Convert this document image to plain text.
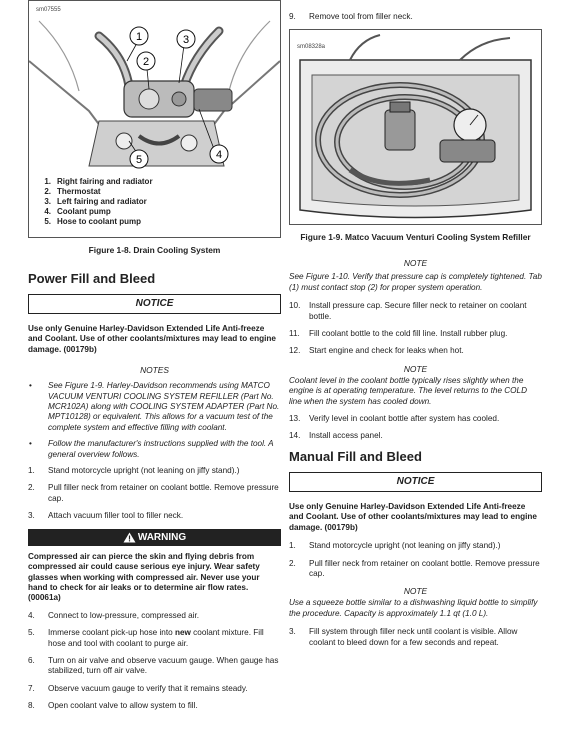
sm07555
1	3
2
4
5
1. Right fairing and radiator
2. Thermostat
3. Left fairing and radiator
4. Coolant pump
5. Hose to coolant pump
Figure 1-8. Drain Cooling System
Power Fill and Bleed
NOTICE

Use only Genuine Harley-Davidson Extended Life Anti-freeze and Coolant. Use of other coolants/mixtures may lead to engine damage. (00179b)

NOTES
• See Figure 1-9. Harley-Davidson recommends using MATCO VACUUM VENTURI COOLING SYSTEM REFILLER (Part No. MCR102A) along with COOLING SYSTEM ADAPTER (Part No. MPT10128) or equivalent. This allows for a vacuum test of the complete system and effective filling with coolant.
• Follow the manufacturer's instructions supplied with the tool. A general overview follows.
1.	Stand motorcycle upright (not leaning on jiffy stand).)
2.	Pull filler neck from retainer on coolant bottle. Remove pressure cap.
3.	Attach vacuum filler tool to filler neck.
WARNING

Compressed air can pierce the skin and flying debris from compressed air could cause serious eye injury. Wear safety glasses when working with compressed air. Never use your hand to check for air leaks or to determine air flow rates. (00061a)

4.	Connect to low-pressure, compressed air.
5.	Immerse coolant pick-up hose into new coolant mixture. Fill hose and tool with coolant to purge air.
6.	Turn on air valve and observe vacuum gauge. When gauge has stabilized, turn off air valve.
7.	Observe vacuum gauge to verify that it remains steady.
8.	Open coolant valve to allow system to fill.
9.	Remove tool from filler neck.
sm08328a
Figure 1-9. Matco Vacuum Venturi Cooling System Refiller
NOTE

See Figure 1-10. Verify that pressure cap is completely tightened. Tab (1) must contact stop (2) for proper system operation.

10.	Install pressure cap. Secure filler neck to retainer on coolant bottle.
11.	Fill coolant bottle to the cold fill line. Install rubber plug.
12.	Start engine and check for leaks when hot.
NOTE

Coolant level in the coolant bottle typically rises slightly when the engine is at operating temperature. The level returns to the COLD line when the system has cooled down.

13.	Verify level in coolant bottle after system has cooled.
14.	Install access panel.
Manual Fill and Bleed
NOTICE

Use only Genuine Harley-Davidson Extended Life Anti-freeze and Coolant. Use of other coolants/mixtures may lead to engine damage. (00179b)

1.	Stand motorcycle upright (not leaning on jiffy stand).)
2.	Pull filler neck from retainer on coolant bottle. Remove pressure cap.
NOTE

Use a squeeze bottle similar to a dishwashing liquid bottle to simplify the procedure. Capacity is approximately 1.1 qt (1.0 L).

3.	Fill system through filler neck until coolant is visible. Allow coolant to bleed down for a few seconds and repeat.
